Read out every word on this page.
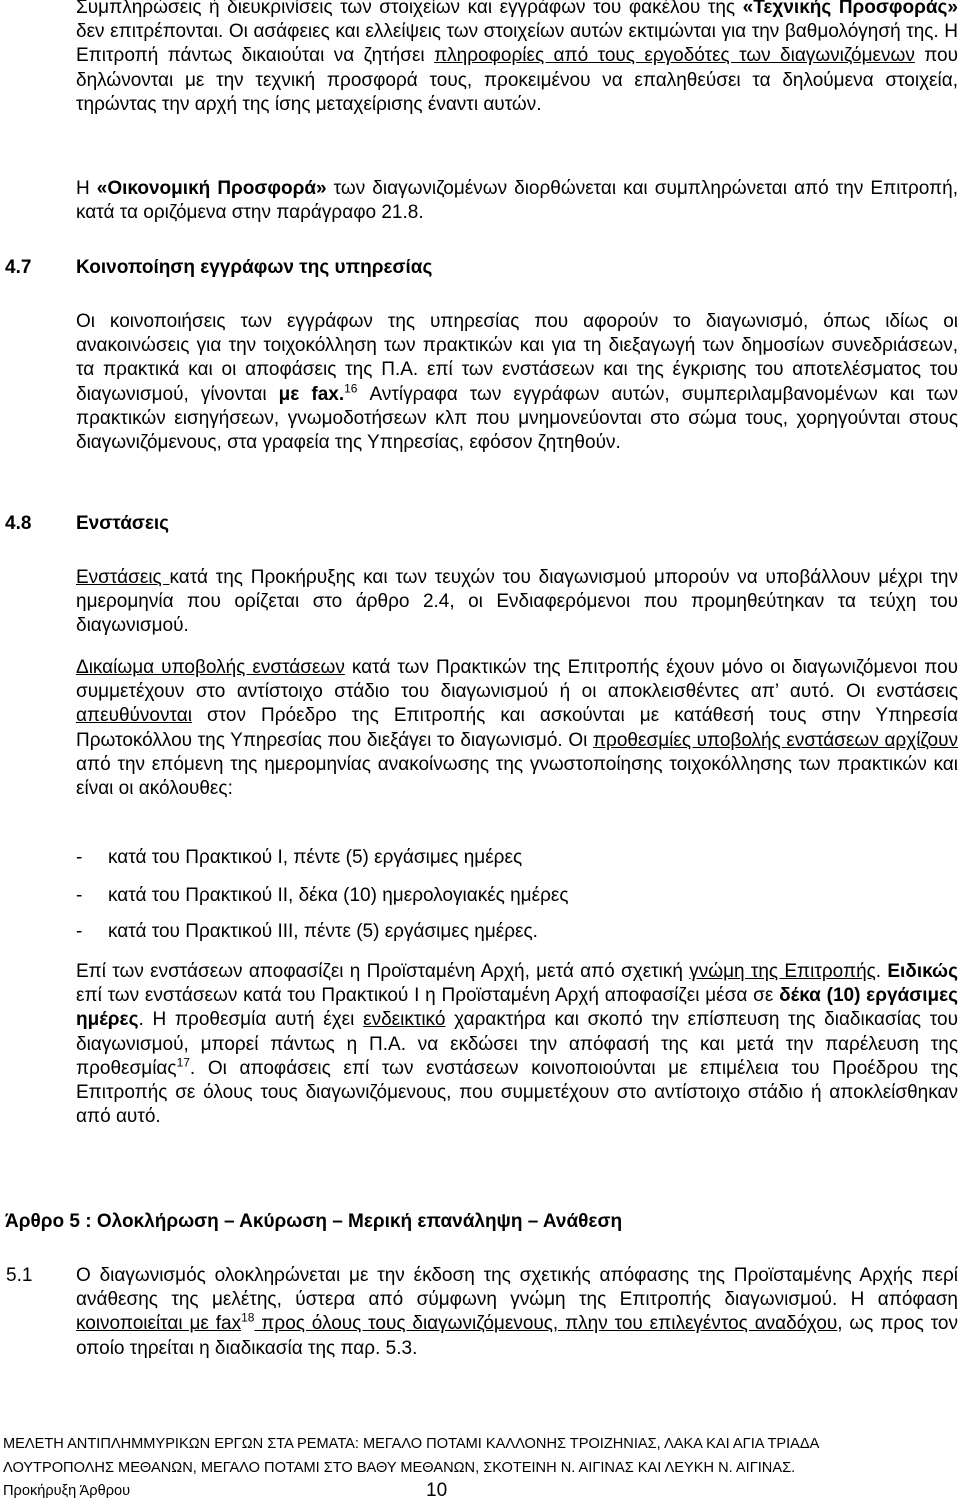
Συμπληρώσεις ή διευκρινίσεις των στοιχείων και εγγράφων του φακέλου της «Τεχνικής Προσφοράς» δεν επιτρέπονται. Οι ασάφειες και ελλείψεις των στοιχείων αυτών εκτιμώνται για την βαθμολόγησή της. Η Επιτροπή πάντως δικαιούται να ζητήσει πληροφορίες από τους εργοδότες των διαγωνιζόμενων που δηλώνονται με την τεχνική προσφορά τους, προκειμένου να επαληθεύσει τα δηλούμενα στοιχεία, τηρώντας την αρχή της ίσης μεταχείρισης έναντι αυτών.

Η «Οικονομική Προσφορά» των διαγωνιζομένων διορθώνεται και συμπληρώνεται από την Επιτροπή, κατά τα οριζόμενα στην παράγραφο 21.8.

4.7 Κοινοποίηση εγγράφων της υπηρεσίας

Οι κοινοποιήσεις των εγγράφων της υπηρεσίας που αφορούν το διαγωνισμό, όπως ιδίως οι ανακοινώσεις για την τοιχοκόλληση των πρακτικών και για τη διεξαγωγή των δημοσίων συνεδριάσεων, τα πρακτικά και οι αποφάσεις της Π.Α. επί των ενστάσεων και της έγκρισης του αποτελέσματος του διαγωνισμού, γίνονται με fax.$^{16}$ Αντίγραφα των εγγράφων αυτών, συμπεριλαμβανομένων και των πρακτικών εισηγήσεων, γνωμοδοτήσεων κλπ που μνημονεύονται στο σώμα τους, χορηγούνται στους διαγωνιζόμενους, στα γραφεία της Υπηρεσίας, εφόσον ζητηθούν.

4.8 Ενστάσεις

Ενστάσεις κατά της Προκήρυξης και των τευχών του διαγωνισμού μπορούν να υποβάλλουν μέχρι την ημερομηνία που ορίζεται στο άρθρο 2.4, οι Ενδιαφερόμενοι που προμηθεύτηκαν τα τεύχη του διαγωνισμού.

Δικαίωμα υποβολής ενστάσεων κατά των Πρακτικών της Επιτροπής έχουν μόνο οι διαγωνιζόμενοι που συμμετέχουν στο αντίστοιχο στάδιο του διαγωνισμού ή οι αποκλεισθέντες απ’ αυτό. Οι ενστάσεις απευθύνονται στον Πρόεδρο της Επιτροπής και ασκούνται με κατάθεσή τους στην Υπηρεσία Πρωτοκόλλου της Υπηρεσίας που διεξάγει το διαγωνισμό. Οι προθεσμίες υποβολής ενστάσεων αρχίζουν από την επόμενη της ημερομηνίας ανακοίνωσης της γνωστοποίησης τοιχοκόλλησης των πρακτικών και είναι οι ακόλουθες:

- κατά του Πρακτικού Ι, πέντε (5) εργάσιμες ημέρες
- κατά του Πρακτικού ΙΙ, δέκα (10) ημερολογιακές ημέρες
- κατά του Πρακτικού ΙΙΙ, πέντε (5) εργάσιμες ημέρες.

Επί των ενστάσεων αποφασίζει η Προϊσταμένη Αρχή, μετά από σχετική γνώμη της Επιτροπής. Ειδικώς επί των ενστάσεων κατά του Πρακτικού Ι η Προϊσταμένη Αρχή αποφασίζει μέσα σε δέκα (10) εργάσιμες ημέρες. Η προθεσμία αυτή έχει ενδεικτικό χαρακτήρα και σκοπό την επίσπευση της διαδικασίας του διαγωνισμού, μπορεί πάντως η Π.Α. να εκδώσει την απόφασή της και μετά την παρέλευση της προθεσμίας$^{17}$. Οι αποφάσεις επί των ενστάσεων κοινοποιούνται με επιμέλεια του Προέδρου της Επιτροπής σε όλους τους διαγωνιζόμενους, που συμμετέχουν στο αντίστοιχο στάδιο ή αποκλείσθηκαν από αυτό.

Άρθρο 5 : Ολοκλήρωση – Ακύρωση – Μερική επανάληψη – Ανάθεση
5.1 Ο διαγωνισμός ολοκληρώνεται με την έκδοση της σχετικής απόφασης της Προϊσταμένης Αρχής περί ανάθεσης της μελέτης, ύστερα από σύμφωνη γνώμη της Επιτροπής διαγωνισμού. Η απόφαση κοινοποιείται με fax$^{18}$ προς όλους τους διαγωνιζόμενους, πλην του επιλεγέντος αναδόχου, ως προς τον οποίο τηρείται η διαδικασία της παρ. 5.3.

ΜΕΛΕΤΗ ΑΝΤΙΠΛΗΜΜΥΡΙΚΩΝ ΕΡΓΩΝ ΣΤΑ ΡΕΜΑΤΑ: ΜΕΓΑΛΟ ΠΟΤΑΜΙ ΚΑΛΛΟΝΗΣ ΤΡΟΙΖΗΝΙΑΣ, ΛΑΚΑ ΚΑΙ ΑΓΙΑ ΤΡΙΑΔΑ
ΛΟΥΤΡΟΠΟΛΗΣ ΜΕΘΑΝΩΝ, ΜΕΓΑΛΟ ΠΟΤΑΜΙ ΣΤΟ ΒΑΘΥ ΜΕΘΑΝΩΝ, ΣΚΟΤΕΙΝΗ Ν. ΑΙΓΙΝΑΣ ΚΑΙ ΛΕΥΚΗ Ν. ΑΙΓΙΝΑΣ.
Προκήρυξη Άρθρου	10
